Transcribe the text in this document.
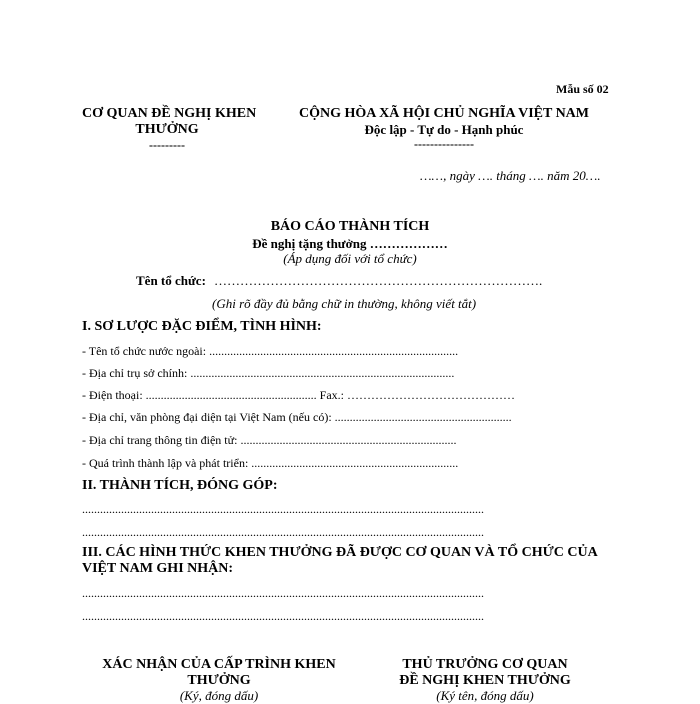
Mẫu số 02
CƠ QUAN ĐỀ NGHỊ KHEN
THƯỞNG
---------
CỘNG HÒA XÃ HỘI CHỦ NGHĨA VIỆT NAM
Độc lập - Tự do - Hạnh phúc
---------------
……, ngày …. tháng …. năm 20….
BÁO CÁO THÀNH TÍCH
Đề nghị tặng thưởng ………………
(Áp dụng đối với tổ chức)
Tên tổ chức: ………………………………………………………………….
(Ghi rõ đầy đủ bằng chữ in thường, không viết tắt)
I. SƠ LƯỢC ĐẶC ĐIỂM, TÌNH HÌNH:
- Tên tổ chức nước ngoài: ...................................................................................
- Địa chỉ trụ sở chính: ........................................................................................
- Điện thoại: ......................................................... Fax.: ……………………………………
- Địa chỉ, văn phòng đại diện tại Việt Nam (nếu có): ...........................................................
- Địa chỉ trang thông tin điện tử: ........................................................................
- Quá trình thành lập và phát triển: .....................................................................
II. THÀNH TÍCH, ĐÓNG GÓP:
......................................................................................................................................
......................................................................................................................................
III. CÁC HÌNH THỨC KHEN THƯỞNG ĐÃ ĐƯỢC CƠ QUAN VÀ TỔ CHỨC CỦA
VIỆT NAM GHI NHẬN:
......................................................................................................................................
......................................................................................................................................
XÁC NHẬN CỦA CẤP TRÌNH KHEN
THƯỞNG
(Ký, đóng dấu)
THỦ TRƯỞNG CƠ QUAN
ĐỀ NGHỊ KHEN THƯỞNG
(Ký tên, đóng dấu)
